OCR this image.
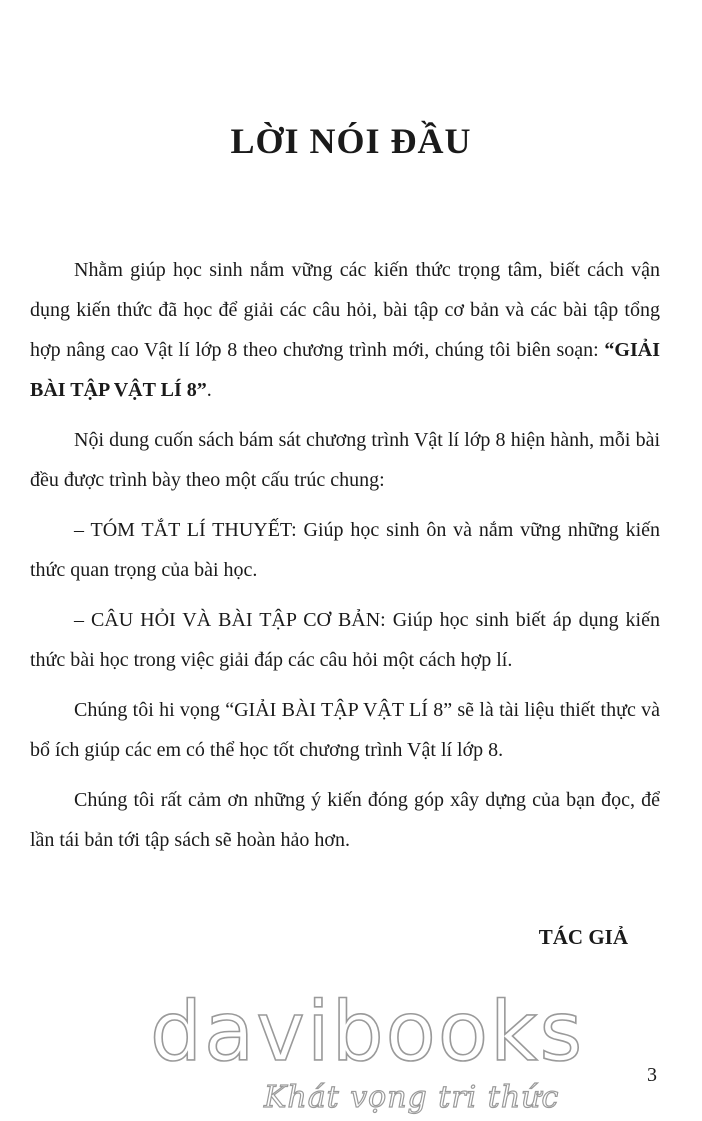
LỜI NÓI ĐẦU

Nhằm giúp học sinh nắm vững các kiến thức trọng tâm, biết cách vận dụng kiến thức đã học để giải các câu hỏi, bài tập cơ bản và các bài tập tổng hợp nâng cao Vật lí lớp 8 theo chương trình mới, chúng tôi biên soạn: “GIẢI BÀI TẬP VẬT LÍ 8”.

Nội dung cuốn sách bám sát chương trình Vật lí lớp 8 hiện hành, mỗi bài đều được trình bày theo một cấu trúc chung:

– TÓM TẮT LÍ THUYẾT: Giúp học sinh ôn và nắm vững những kiến thức quan trọng của bài học.

– CÂU HỎI VÀ BÀI TẬP CƠ BẢN: Giúp học sinh biết áp dụng kiến thức bài học trong việc giải đáp các câu hỏi một cách hợp lí.

Chúng tôi hi vọng “GIẢI BÀI TẬP VẬT LÍ 8” sẽ là tài liệu thiết thực và bổ ích giúp các em có thể học tốt chương trình Vật lí lớp 8.

Chúng tôi rất cảm ơn những ý kiến đóng góp xây dựng của bạn đọc, để lần tái bản tới tập sách sẽ hoàn hảo hơn.

TÁC GIẢ
davibooks
Khát vọng tri thức
3
